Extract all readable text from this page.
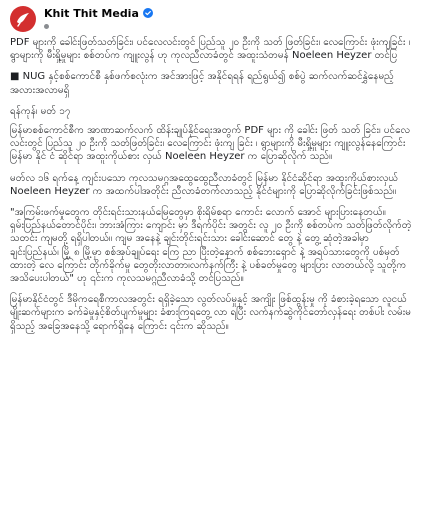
Khit Thit Media

PDF များကို ခေါင်းဖြတ်သတ်ခြင်း၊ ပင်လေလင်းတွင် ပြည်သူ ၂၀ ဦးကို သတ် ဖြတ်ခြင်း၊ လေကြောင်း ဖုံးကျခြင်း ၊ ရွာများကို မီးရှို့မှုများ စစ်တပ်က ကျူးလွန် ဟု ကုလညီလာခံတွင် အထူးသံတမန် Noeleen Heyzer တင်ပြ

■ NUG နှင့်စစ်ကောင်စီ နှစ်ဖက်စလုံးက အင်အားဖြင့် အနိုင်ရရန် ရည်ရွယ်၍ စစ်ပွဲ ဆက်လက်ဆင်နွှဲနေမည့်အလားအလာမရှိ

ရန်ကုန်၊ မတ် ၁၇

မြန်မာစစ်ကောင်စီက အာဏာဆက်လက် ထိန်းချုပ်နိုင်ရေးအတွက် PDF များ ကို ခေါင်း ဖြတ် သတ် ခြင်း၊ ပင်လေလင်းတွင် ပြည်သူ ၂၀ ဦးကို သတ်ဖြတ်ခြင်း၊ လေကြောင်း ဖုံးကျ ခြင်း ၊ ရွာများကို မီးရှို့မှုများ ကျူးလွန်နေကြောင်း မြန်မာ နိုင် ငံ ဆိုင်ရာ အထူးကိုယ်စား လှယ် Noeleen Heyzer က ပြောဆိုလိုက် သည်။

မတ်လ ၁၆ ရက်နေ့ ကျင်းပသော ကုလသမဂ္ဂအထွေထွေညီလာခံတွင် မြန်မာ နိုင်ငံဆိုင်ရာ အထူးကိုယ်စားလှယ် Noeleen Heyzer က အထက်ပါအတိုင်း ညီလာခံတက်လာသည့် နိုင်ငံများကို ပြောဆိုလိုက်ခြင်းဖြစ်သည်။

"အကြမ်းဖက်မှုတွေက တိုင်းရင်းသားနယ်မြေတွေမှာ စိုးရိမ်စရာ ကောင်း လောက် အောင် များပြားနေတယ်။ ရှမ်းပြည်နယ်တောင်ပိုင်း၊ ဘားအံကြား ကျောင်း မှာ ဒီရက်ပိုင်း အတွင်း လူ ၂၀ ဦးကို စစ်တပ်က သတ်ဖြတ်လိုက်တဲ့ သတင်း ကျမတို့ ရရှိပါတယ်။ ကျမ အနေနဲ့ ချင်းတိုင်းရင်းသား ခေါင်းဆောင် တွေ နဲ့ တွေ့ ဆုံတဲ့အခါမှာ ချင်းပြည်နယ်၊ မြို့ ၈ မြို့မှာ စစ်အုပ်ချုပ်ရေး ကြေ ညာ ပြီးတဲ့နောက် စစ်ဘေးရှောင် နဲ့ အရပ်သားတွေကို ပစ်မှတ်ထားတဲ့ လေ ကြောင်း တိုက်ခိုက်မှု တွေတိုးလာတာ၊လက်နက်ကြီး နဲ့ ပစ်ခတ်မှုတွေ များပြား လာတယ်လို့ သူတို့က အသိပေးပါတယ်" ဟု ၎င်းက ကုလသမဂ္ဂညီလာခံသို့ တင်ပြသည်။

မြန်မာနိုင်ငံတွင် ဒီမိုကရေစီကာလအတွင်း ရရှိခဲ့သော လွတ်လပ်မှုနှင့် အကျိုး ဖြစ်ထွန်းမှု ကို ခံစားခဲ့ရသော လူငယ်မျိုးဆက်များက ခက်ခဲမှုနှင့်စိတ်ပျက်မှုများ ခံစားကြရတွေ့ လာ ရပြီး လက်နက်ဆွဲကိုင်တော်လှန်ရေး တစ်ပါး လမ်းမရှိသည့် အခြေအနေသို့ ရောက်ရှိနေ ကြောင်း ၎င်းက ဆိုသည်။

雅加达资讯
